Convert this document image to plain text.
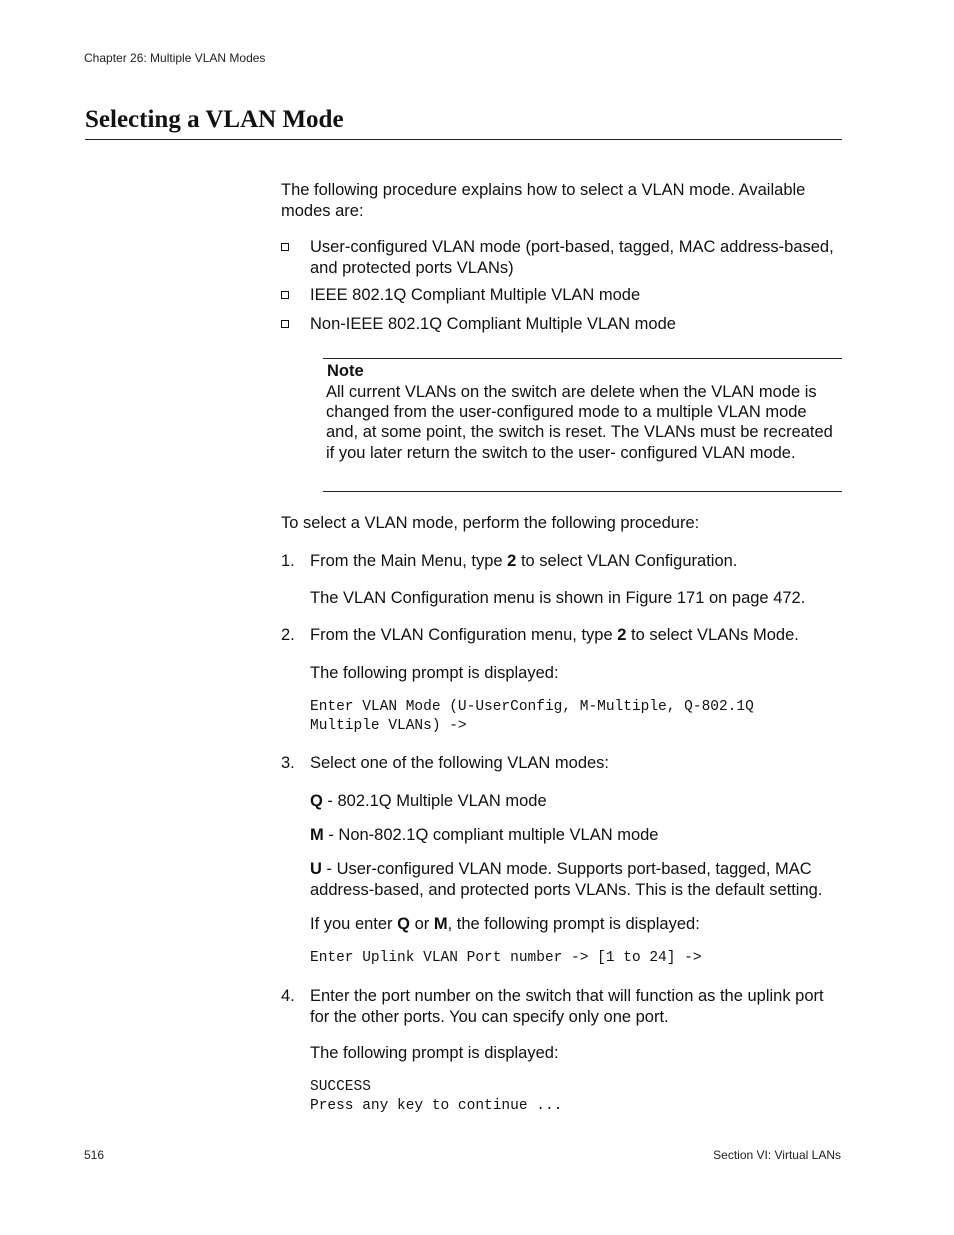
Chapter 26: Multiple VLAN Modes
Selecting a VLAN Mode
The following procedure explains how to select a VLAN mode. Available modes are:
User-configured VLAN mode (port-based, tagged, MAC address-based, and protected ports VLANs)
IEEE 802.1Q Compliant Multiple VLAN mode
Non-IEEE 802.1Q Compliant Multiple VLAN mode
Note
All current VLANs on the switch are delete when the VLAN mode is changed from the user-configured mode to a multiple VLAN mode and, at some point, the switch is reset. The VLANs must be recreated if you later return the switch to the user- configured VLAN mode.
To select a VLAN mode, perform the following procedure:
1. From the Main Menu, type 2 to select VLAN Configuration.
The VLAN Configuration menu is shown in Figure 171 on page 472.
2. From the VLAN Configuration menu, type 2 to select VLANs Mode.
The following prompt is displayed:
Enter VLAN Mode (U-UserConfig, M-Multiple, Q-802.1Q
Multiple VLANs) ->
3. Select one of the following VLAN modes:
Q - 802.1Q Multiple VLAN mode
M - Non-802.1Q compliant multiple VLAN mode
U - User-configured VLAN mode. Supports port-based, tagged, MAC address-based, and protected ports VLANs. This is the default setting.
If you enter Q or M, the following prompt is displayed:
Enter Uplink VLAN Port number -> [1 to 24] ->
4. Enter the port number on the switch that will function as the uplink port for the other ports. You can specify only one port.
The following prompt is displayed:
SUCCESS
Press any key to continue ...
516	Section VI: Virtual LANs
